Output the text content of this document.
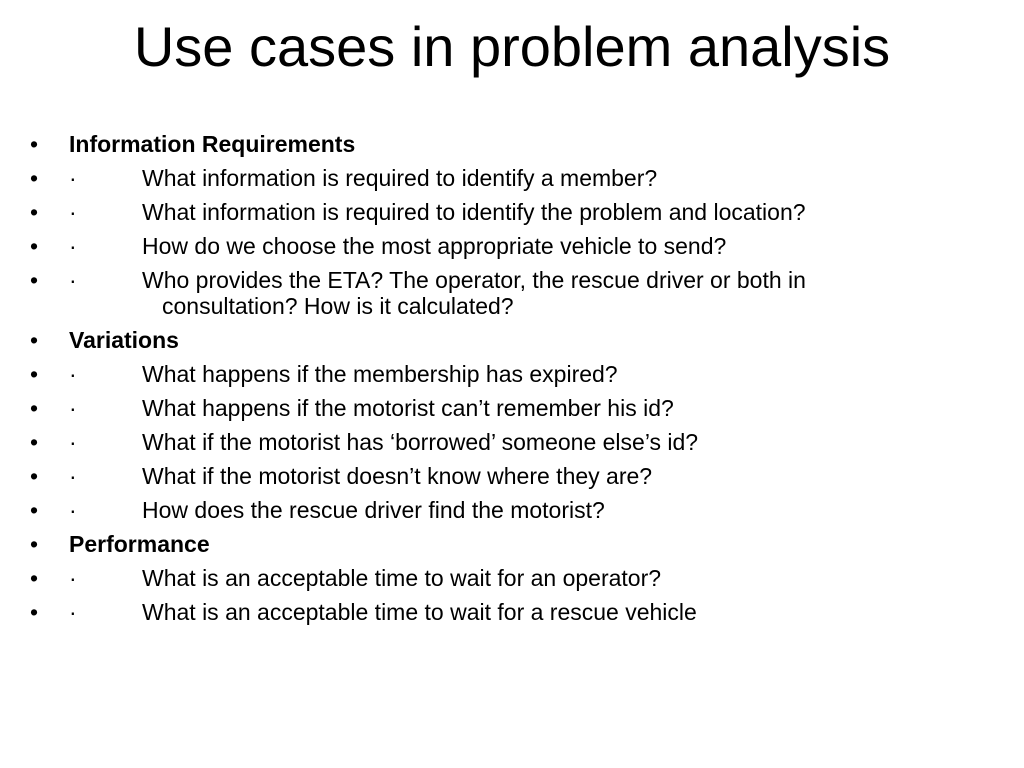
Use cases in problem analysis
• Information Requirements
• ·	What information is required to identify a member?
• ·	What information is required to identify the problem and location?
• ·	How do we choose the most appropriate vehicle to send?
• ·	Who provides the ETA? The operator, the rescue driver or both in
consultation? How is it calculated?
• Variations
• ·	What happens if the membership has expired?
• ·	What happens if the motorist can’t remember his id?
• ·	What if the motorist has ‘borrowed’ someone else’s id?
• ·	What if the motorist doesn’t know where they are?
• ·	How does the rescue driver find the motorist?
• Performance
• ·	What is an acceptable time to wait for an operator?
• ·	What is an acceptable time to wait for a rescue vehicle
